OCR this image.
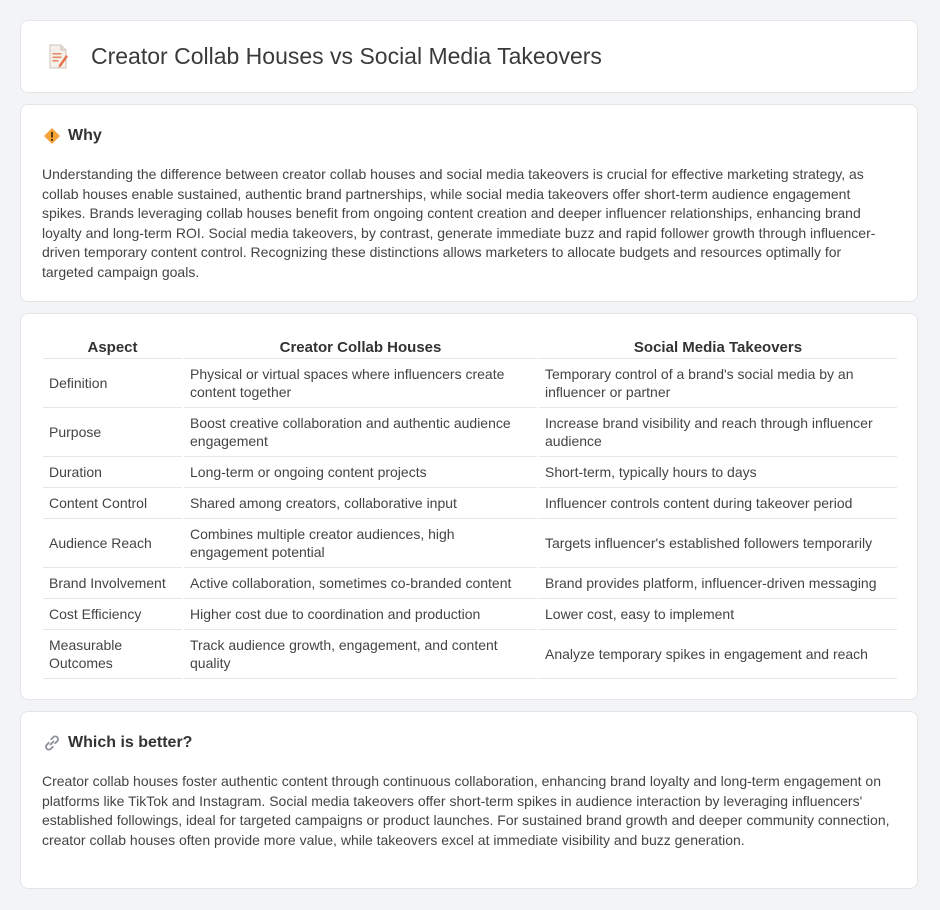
Creator Collab Houses vs Social Media Takeovers
Why

Understanding the difference between creator collab houses and social media takeovers is crucial for effective marketing strategy, as collab houses enable sustained, authentic brand partnerships, while social media takeovers offer short-term audience engagement spikes. Brands leveraging collab houses benefit from ongoing content creation and deeper influencer relationships, enhancing brand loyalty and long-term ROI. Social media takeovers, by contrast, generate immediate buzz and rapid follower growth through influencer-driven temporary content control. Recognizing these distinctions allows marketers to allocate budgets and resources optimally for targeted campaign goals.

Aspect	Creator Collab Houses	Social Media Takeovers
Definition	Physical or virtual spaces where influencers create content together	Temporary control of a brand's social media by an influencer or partner
Purpose	Boost creative collaboration and authentic audience engagement	Increase brand visibility and reach through influencer audience
Duration	Long-term or ongoing content projects	Short-term, typically hours to days
Content Control	Shared among creators, collaborative input	Influencer controls content during takeover period
Audience Reach	Combines multiple creator audiences, high engagement potential	Targets influencer's established followers temporarily
Brand Involvement	Active collaboration, sometimes co-branded content	Brand provides platform, influencer-driven messaging
Cost Efficiency	Higher cost due to coordination and production	Lower cost, easy to implement
Measurable Outcomes	Track audience growth, engagement, and content quality	Analyze temporary spikes in engagement and reach
Which is better?

Creator collab houses foster authentic content through continuous collaboration, enhancing brand loyalty and long-term engagement on platforms like TikTok and Instagram. Social media takeovers offer short-term spikes in audience interaction by leveraging influencers' established followings, ideal for targeted campaigns or product launches. For sustained brand growth and deeper community connection, creator collab houses often provide more value, while takeovers excel at immediate visibility and buzz generation.
